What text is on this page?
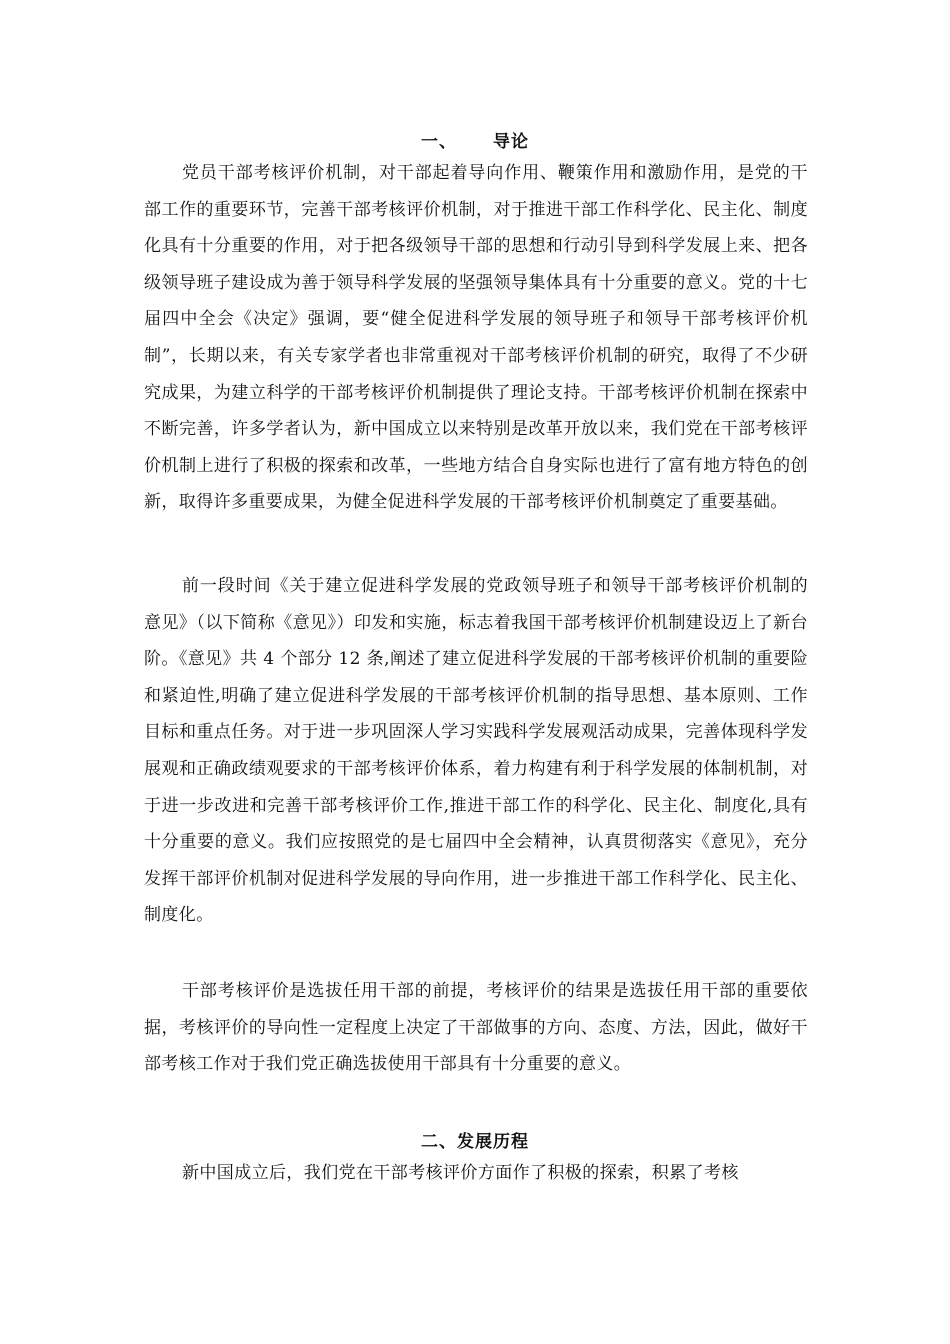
一、 导论

党员干部考核评价机制，对干部起着导向作用、鞭策作用和激励作用，是党的干部工作的重要环节，完善干部考核评价机制，对于推进干部工作科学化、民主化、制度化具有十分重要的作用，对于把各级领导干部的思想和行动引导到科学发展上来、把各级领导班子建设成为善于领导科学发展的坚强领导集体具有十分重要的意义。党的十七届四中全会《决定》强调，要“健全促进科学发展的领导班子和领导干部考核评价机制”，长期以来，有关专家学者也非常重视对干部考核评价机制的研究，取得了不少研究成果，为建立科学的干部考核评价机制提供了理论支持。干部考核评价机制在探索中不断完善，许多学者认为，新中国成立以来特别是改革开放以来，我们党在干部考核评价机制上进行了积极的探索和改革，一些地方结合自身实际也进行了富有地方特色的创新，取得许多重要成果，为健全促进科学发展的干部考核评价机制奠定了重要基础。

前一段时间《关于建立促进科学发展的党政领导班子和领导干部考核评价机制的意见》（以下简称《意见》）印发和实施，标志着我国干部考核评价机制建设迈上了新台阶。《意见》共 4 个部分 12 条,阐述了建立促进科学发展的干部考核评价机制的重要险和紧迫性,明确了建立促进科学发展的干部考核评价机制的指导思想、基本原则、工作目标和重点任务。对于进一步巩固深人学习实践科学发展观活动成果，完善体现科学发展观和正确政绩观要求的干部考核评价体系，着力构建有利于科学发展的体制机制，对于进一步改进和完善干部考核评价工作,推进干部工作的科学化、民主化、制度化,具有十分重要的意义。我们应按照党的是七届四中全会精神，认真贯彻落实《意见》，充分发挥干部评价机制对促进科学发展的导向作用，进一步推进干部工作科学化、民主化、制度化。

干部考核评价是选拔任用干部的前提，考核评价的结果是选拔任用干部的重要依据，考核评价的导向性一定程度上决定了干部做事的方向、态度、方法，因此，做好干部考核工作对于我们党正确选拔使用干部具有十分重要的意义。

二、发展历程

新中国成立后，我们党在干部考核评价方面作了积极的探索，积累了考核
